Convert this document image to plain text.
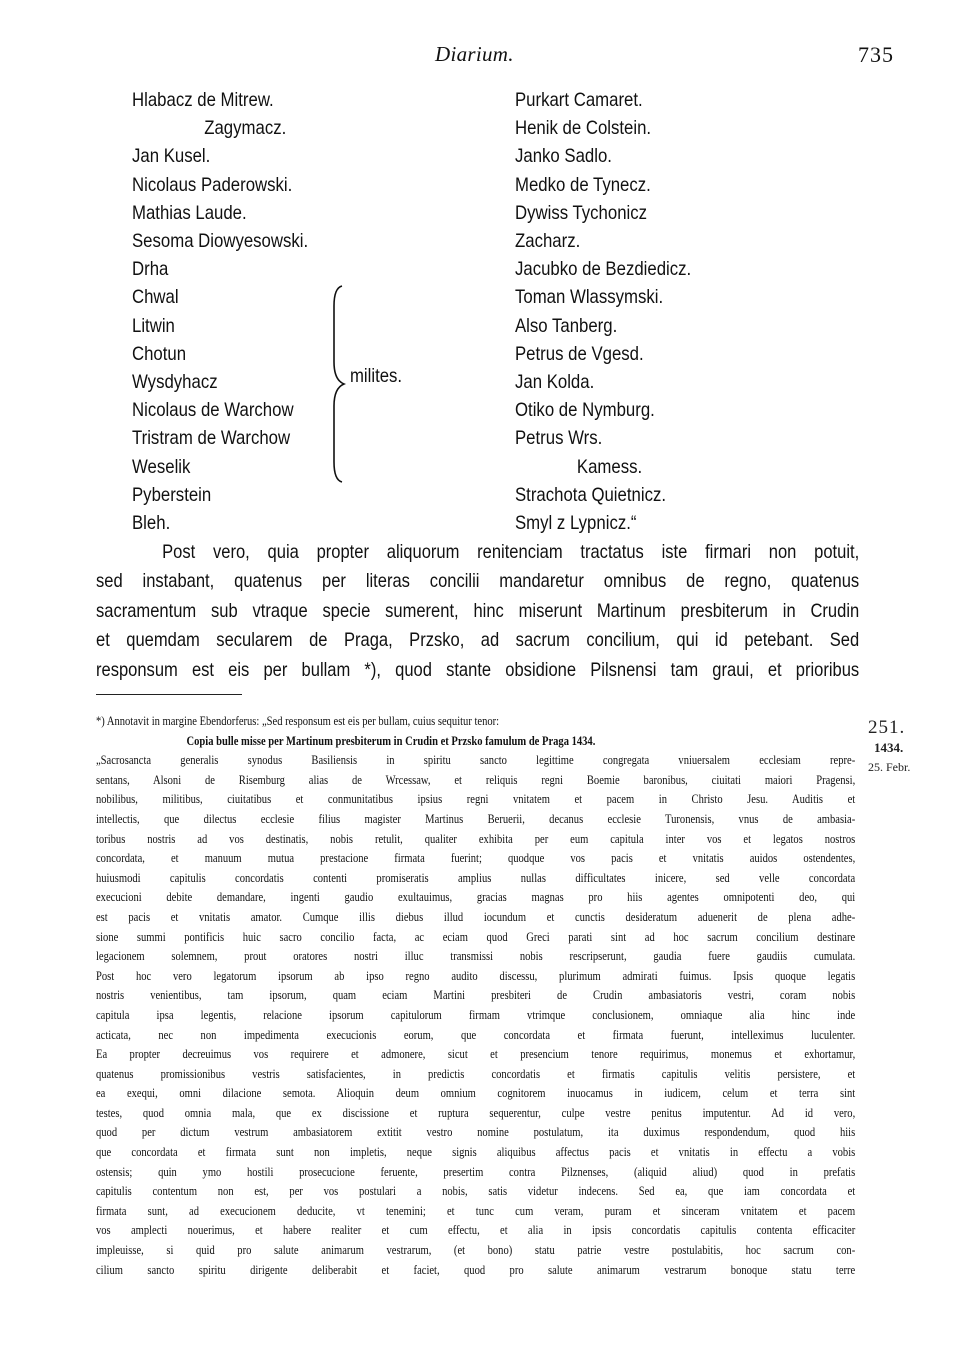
Diarium.	735
Hlabacz de Mitrew.
Zagymacz.
Jan Kusel.
Nicolaus Paderowski.
Mathias Laude.
Sesoma Diowyesowski.
Drha
Chwal
Litwin
Chotun
Wysdyhacz
Nicolaus de Warchow
Tristram de Warchow
Weselik
Pyberstein
Bleh.
milites.
Purkart Camaret.
Henik de Colstein.
Janko Sadlo.
Medko de Tynecz.
Dywiss Tychonicz
Zacharz.
Jacubko de Bezdiedicz.
Toman Wlassymski.
Also Tanberg.
Petrus de Vgesd.
Jan Kolda.
Otiko de Nymburg.
Petrus Wrs.
Kamess.
Strachota Quietnicz.
Smyl z Lypnicz.“
Post vero, quia propter aliquorum renitenciam tractatus iste firmari non potuit,
sed instabant, quatenus per literas concilii mandaretur omnibus de regno, quatenus
sacramentum sub vtraque specie sumerent, hinc miserunt Martinum presbiterum in Crudin
et quemdam secularem de Praga, Przsko, ad sacrum concilium, qui id petebant. Sed
responsum est eis per bullam *), quod stante obsidione Pilsnensi tam graui, et prioribus
*) Annotavit in margine Ebendorferus: „Sed responsum est eis per bullam, cuius sequitur tenor:
Copia bulle misse per Martinum presbiterum in Crudin et Przsko famulum de Praga 1434.
„Sacrosancta generalis synodus Basiliensis in spiritu sancto legittime congregata vniuersalem ecclesiam repre-
sentans, Alsoni de Risemburg alias de Wrcessaw, et reliquis regni Boemie baronibus, ciuitati maiori Pragensi,
nobilibus, militibus, ciuitatibus et conmunitatibus ipsius regni vnitatem et pacem in Christo Jesu. Auditis et
intellectis, que dilectus ecclesie filius magister Martinus Beruerii, decanus ecclesie Turonensis, vnus de ambasia-
toribus nostris ad vos destinatis, nobis retulit, qualiter exhibita per eum capitula inter vos et legatos nostros
concordata, et manuum mutua prestacione firmata fuerint; quodque vos pacis et vnitatis auidos ostendentes,
huiusmodi capitulis concordatis contenti promiseratis amplius nullas difficultates inicere, sed velle concordata
execucioni debite demandare, ingenti gaudio exultauimus, gracias magnas pro hiis agentes omnipotenti deo, qui
est pacis et vnitatis amator. Cumque illis diebus illud iocundum et cunctis desideratum aduenerit de plena adhe-
sione summi pontificis huic sacro concilio facta, ac eciam quod Greci parati sint ad hoc sacrum concilium destinare
legacionem solemnem, prout oratores nostri illuc transmissi nobis rescripserunt, gaudia fuere gaudiis cumulata.
Post hoc vero legatorum ipsorum ab ipso regno audito discessu, plurimum admirati fuimus. Ipsis quoque legatis
nostris venientibus, tam ipsorum, quam eciam Martini presbiteri de Crudin ambasiatoris vestri, coram nobis
capitula ipsa legentis, relacione ipsorum capitulorum firmam vtrimque conclusionem, omniaque alia hinc inde
acticata, nec non impedimenta execucionis eorum, que concordata et firmata fuerunt, intelleximus luculenter.
Ea propter decreuimus vos requirere et admonere, sicut et presencium tenore requirimus, monemus et exhortamur,
quatenus promissionibus vestris satisfacientes, in predictis concordatis et firmatis capitulis velitis persistere, et
ea exequi, omni dilacione semota. Alioquin deum omnium cognitorem inuocamus in iudicem, celum et terra sint
testes, quod omnia mala, que ex discissione et ruptura sequerentur, culpe vestre penitus imputentur. Ad id vero,
quod per dictum vestrum ambasiatorem extitit vestro nomine postulatum, ita duximus respondendum, quod hiis
que concordata et firmata sunt non impletis, neque signis aliquibus affectus pacis et vnitatis in effectu a vobis
ostensis; quin ymo hostili prosecucione feruente, presertim contra Pilznenses, (aliquid aliud) quod in prefatis
capitulis contentum non est, per vos postulari a nobis, satis videtur indecens. Sed ea, que iam concordata et
firmata sunt, ad execucionem deducite, vt tenemini; et tunc cum veram, puram et sinceram vnitatem et pacem
vos amplecti nouerimus, et habere realiter et cum effectu, et alia in ipsis concordatis capitulis contenta efficaciter
impleuisse, si quid pro salute animarum vestrarum, (et bono) statu patrie vestre postulabitis, hoc sacrum con-
cilium sancto spiritu dirigente deliberabit et faciet, quod pro salute animarum vestrarum bonoque statu terre
251.
1434.
25. Febr.
